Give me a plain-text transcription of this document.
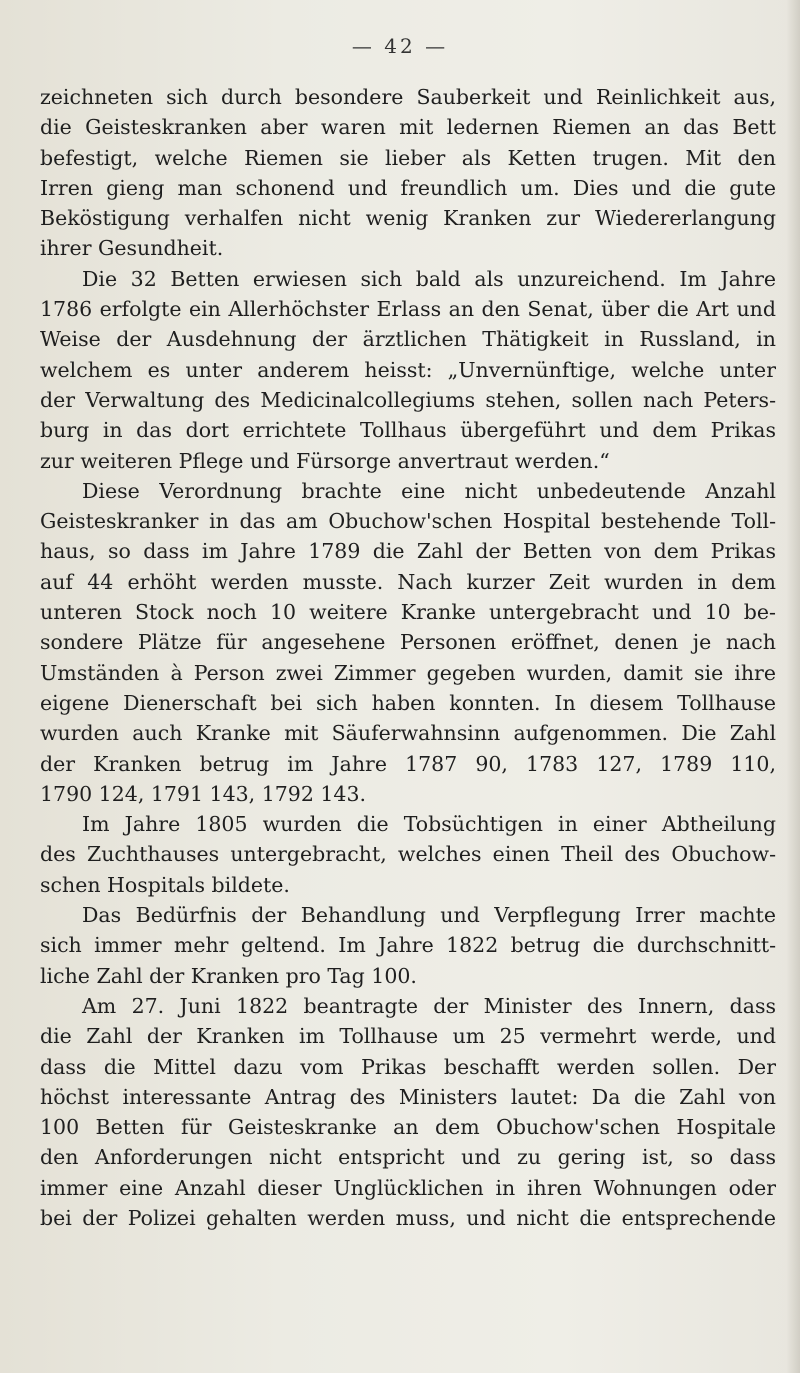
— 42 —
zeichneten sich durch besondere Sauberkeit und Reinlichkeit aus,
die Geisteskranken aber waren mit ledernen Riemen an das Bett
befestigt, welche Riemen sie lieber als Ketten trugen. Mit den
Irren gieng man schonend und freundlich um. Dies und die gute
Beköstigung verhalfen nicht wenig Kranken zur Wiedererlangung
ihrer Gesundheit.
Die 32 Betten erwiesen sich bald als unzureichend. Im Jahre
1786 erfolgte ein Allerhöchster Erlass an den Senat, über die Art und
Weise der Ausdehnung der ärztlichen Thätigkeit in Russland, in
welchem es unter anderem heisst: „Unvernünftige, welche unter
der Verwaltung des Medicinalcollegiums stehen, sollen nach Peters-
burg in das dort errichtete Tollhaus übergeführt und dem Prikas
zur weiteren Pflege und Fürsorge anvertraut werden.“
Diese Verordnung brachte eine nicht unbedeutende Anzahl
Geisteskranker in das am Obuchow'schen Hospital bestehende Toll-
haus, so dass im Jahre 1789 die Zahl der Betten von dem Prikas
auf 44 erhöht werden musste. Nach kurzer Zeit wurden in dem
unteren Stock noch 10 weitere Kranke untergebracht und 10 be-
sondere Plätze für angesehene Personen eröffnet, denen je nach
Umständen à Person zwei Zimmer gegeben wurden, damit sie ihre
eigene Dienerschaft bei sich haben konnten. In diesem Tollhause
wurden auch Kranke mit Säuferwahnsinn aufgenommen. Die Zahl
der Kranken betrug im Jahre 1787 90, 1783 127, 1789 110,
1790 124, 1791 143, 1792 143.
Im Jahre 1805 wurden die Tobsüchtigen in einer Abtheilung
des Zuchthauses untergebracht, welches einen Theil des Obuchow-
schen Hospitals bildete.
Das Bedürfnis der Behandlung und Verpflegung Irrer machte
sich immer mehr geltend. Im Jahre 1822 betrug die durchschnitt-
liche Zahl der Kranken pro Tag 100.
Am 27. Juni 1822 beantragte der Minister des Innern, dass
die Zahl der Kranken im Tollhause um 25 vermehrt werde, und
dass die Mittel dazu vom Prikas beschafft werden sollen. Der
höchst interessante Antrag des Ministers lautet: Da die Zahl von
100 Betten für Geisteskranke an dem Obuchow'schen Hospitale
den Anforderungen nicht entspricht und zu gering ist, so dass
immer eine Anzahl dieser Unglücklichen in ihren Wohnungen oder
bei der Polizei gehalten werden muss, und nicht die entsprechende
